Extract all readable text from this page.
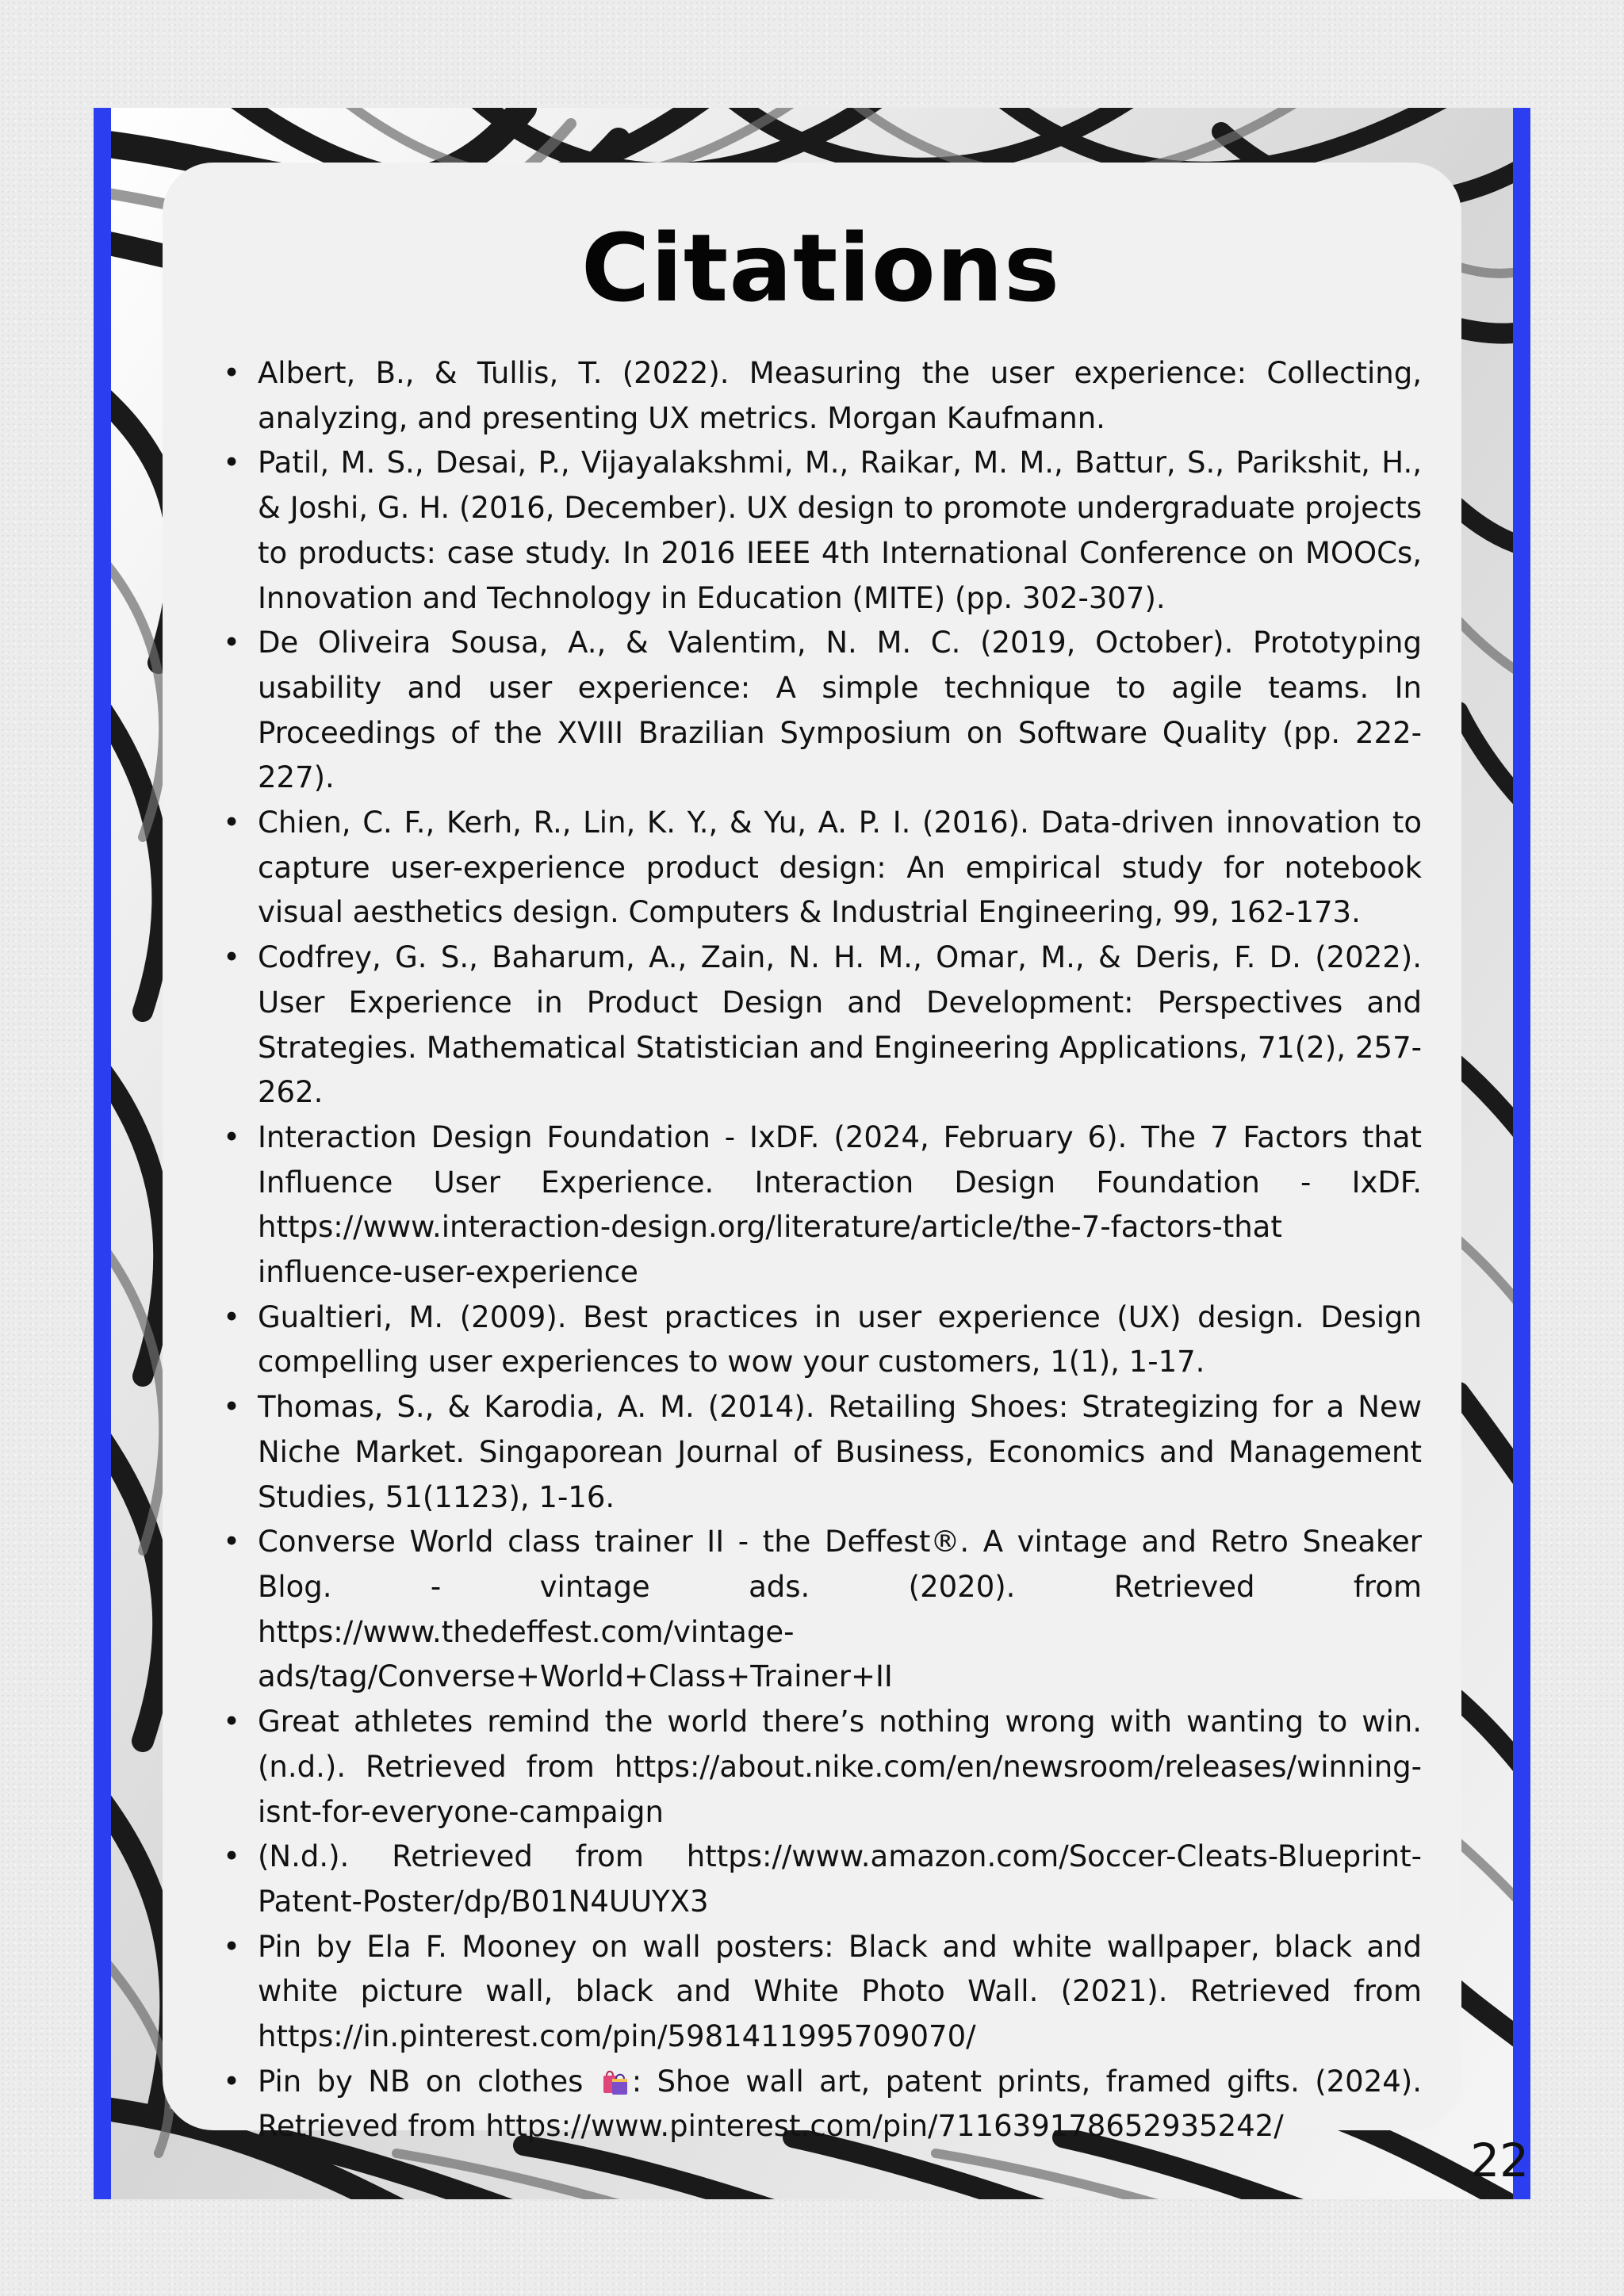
Citations
• Albert, B., & Tullis, T. (2022). Measuring the user experience: Collecting, analyzing, and presenting UX metrics. Morgan Kaufmann.
• Patil, M. S., Desai, P., Vijayalakshmi, M., Raikar, M. M., Battur, S., Parikshit, H., & Joshi, G. H. (2016, December). UX design to promote undergraduate projects to products: case study. In 2016 IEEE 4th International Conference on MOOCs, Innovation and Technology in Education (MITE) (pp. 302-307).
• De Oliveira Sousa, A., & Valentim, N. M. C. (2019, October). Prototyping usability and user experience: A simple technique to agile teams. In Proceedings of the XVIII Brazilian Symposium on Software Quality (pp. 222-227).
• Chien, C. F., Kerh, R., Lin, K. Y., & Yu, A. P. I. (2016). Data-driven innovation to capture user-experience product design: An empirical study for notebook visual aesthetics design. Computers & Industrial Engineering, 99, 162-173.
• Codfrey, G. S., Baharum, A., Zain, N. H. M., Omar, M., & Deris, F. D. (2022). User Experience in Product Design and Development: Perspectives and Strategies. Mathematical Statistician and Engineering Applications, 71(2), 257- 262.
• Interaction Design Foundation - IxDF. (2024, February 6). The 7 Factors that Influence User Experience. Interaction Design Foundation - IxDF. https://www.interaction-design.org/literature/article/the-7-factors-that influence-user-experience
• Gualtieri, M. (2009). Best practices in user experience (UX) design. Design compelling user experiences to wow your customers, 1(1), 1-17.
• Thomas, S., & Karodia, A. M. (2014). Retailing Shoes: Strategizing for a New Niche Market. Singaporean Journal of Business, Economics and Management Studies, 51(1123), 1-16.
• Converse World class trainer II - the Deffest®. A vintage and Retro Sneaker Blog. - vintage ads. (2020). Retrieved from https://www.thedeffest.com/vintage-ads/tag/Converse+World+Class+Trainer+II
• Great athletes remind the world there’s nothing wrong with wanting to win. (n.d.). Retrieved from https://about.nike.com/en/newsroom/releases/winning-isnt-for-everyone-campaign
• (N.d.). Retrieved from https://www.amazon.com/Soccer-Cleats-Blueprint-Patent-Poster/dp/B01N4UUYX3
• Pin by Ela F. Mooney on wall posters: Black and white wallpaper, black and white picture wall, black and White Photo Wall. (2021). Retrieved from https://in.pinterest.com/pin/5981411995709070/
• Pin by NB on clothes : Shoe wall art, patent prints, framed gifts. (2024). Retrieved from https://www.pinterest.com/pin/711639178652935242/
22
